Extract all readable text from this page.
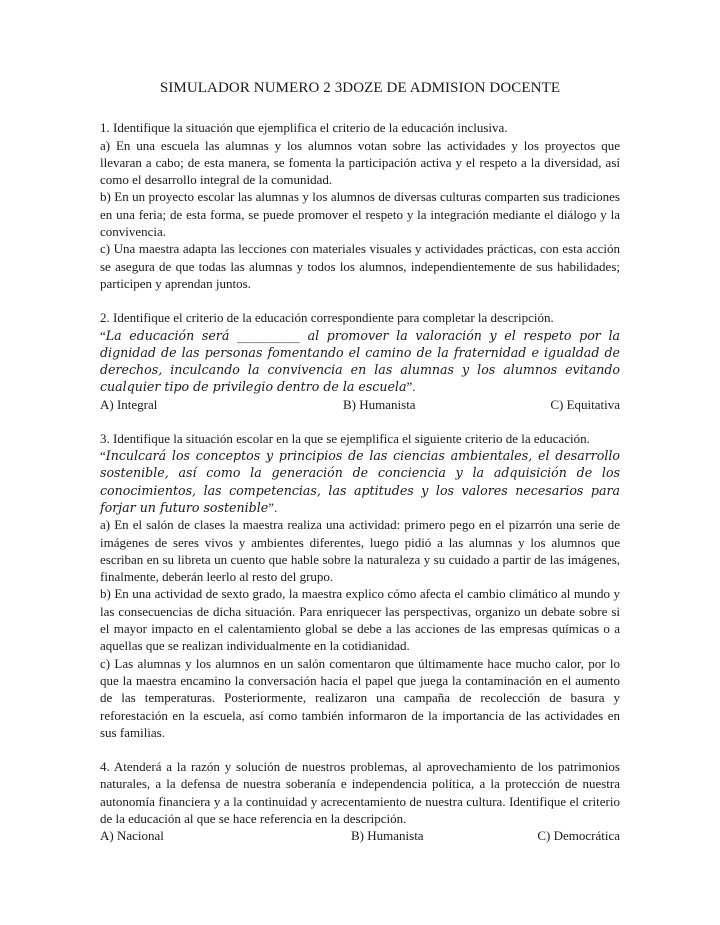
SIMULADOR NUMERO 2 3DOZE DE ADMISION DOCENTE

1. Identifique la situación que ejemplifica el criterio de la educación inclusiva.

a) En una escuela las alumnas y los alumnos votan sobre las actividades y los proyectos que llevaran a cabo; de esta manera, se fomenta la participación activa y el respeto a la diversidad, así como el desarrollo integral de la comunidad.

b) En un proyecto escolar las alumnas y los alumnos de diversas culturas comparten sus tradiciones en una feria; de esta forma, se puede promover el respeto y la integración mediante el diálogo y la convivencia.

c) Una maestra adapta las lecciones con materiales visuales y actividades prácticas, con esta acción se asegura de que todas las alumnas y todos los alumnos, independientemente de sus habilidades; participen y aprendan juntos.

2. Identifique el criterio de la educación correspondiente para completar la descripción.

“La educación será __________ al promover la valoración y el respeto por la dignidad de las personas fomentando el camino de la fraternidad e igualdad de derechos, inculcando la convivencia en las alumnas y los alumnos evitando cualquier tipo de privilegio dentro de la escuela”.

A) Integral	B) Humanista	C) Equitativa

3. Identifique la situación escolar en la que se ejemplifica el siguiente criterio de la educación.

“Inculcará los conceptos y principios de las ciencias ambientales, el desarrollo sostenible, así como la generación de conciencia y la adquisición de los conocimientos, las competencias, las aptitudes y los valores necesarios para forjar un futuro sostenible”.

a) En el salón de clases la maestra realiza una actividad: primero pego en el pizarrón una serie de imágenes de seres vivos y ambientes diferentes, luego pidió a las alumnas y los alumnos que escriban en su libreta un cuento que hable sobre la naturaleza y su cuidado a partir de las imágenes, finalmente, deberán leerlo al resto del grupo.

b) En una actividad de sexto grado, la maestra explico cómo afecta el cambio climático al mundo y las consecuencias de dicha situación. Para enriquecer las perspectivas, organizo un debate sobre si el mayor impacto en el calentamiento global se debe a las acciones de las empresas químicas o a aquellas que se realizan individualmente en la cotidianidad.

c) Las alumnas y los alumnos en un salón comentaron que últimamente hace mucho calor, por lo que la maestra encamino la conversación hacia el papel que juega la contaminación en el aumento de las temperaturas. Posteriormente, realizaron una campaña de recolección de basura y reforestación en la escuela, así como también informaron de la importancia de las actividades en sus familias.

4. Atenderá a la razón y solución de nuestros problemas, al aprovechamiento de los patrimonios naturales, a la defensa de nuestra soberanía e independencia política, a la protección de nuestra autonomía financiera y a la continuidad y acrecentamiento de nuestra cultura. Identifique el criterio de la educación al que se hace referencia en la descripción.

A) Nacional	B) Humanista	C) Democrática
